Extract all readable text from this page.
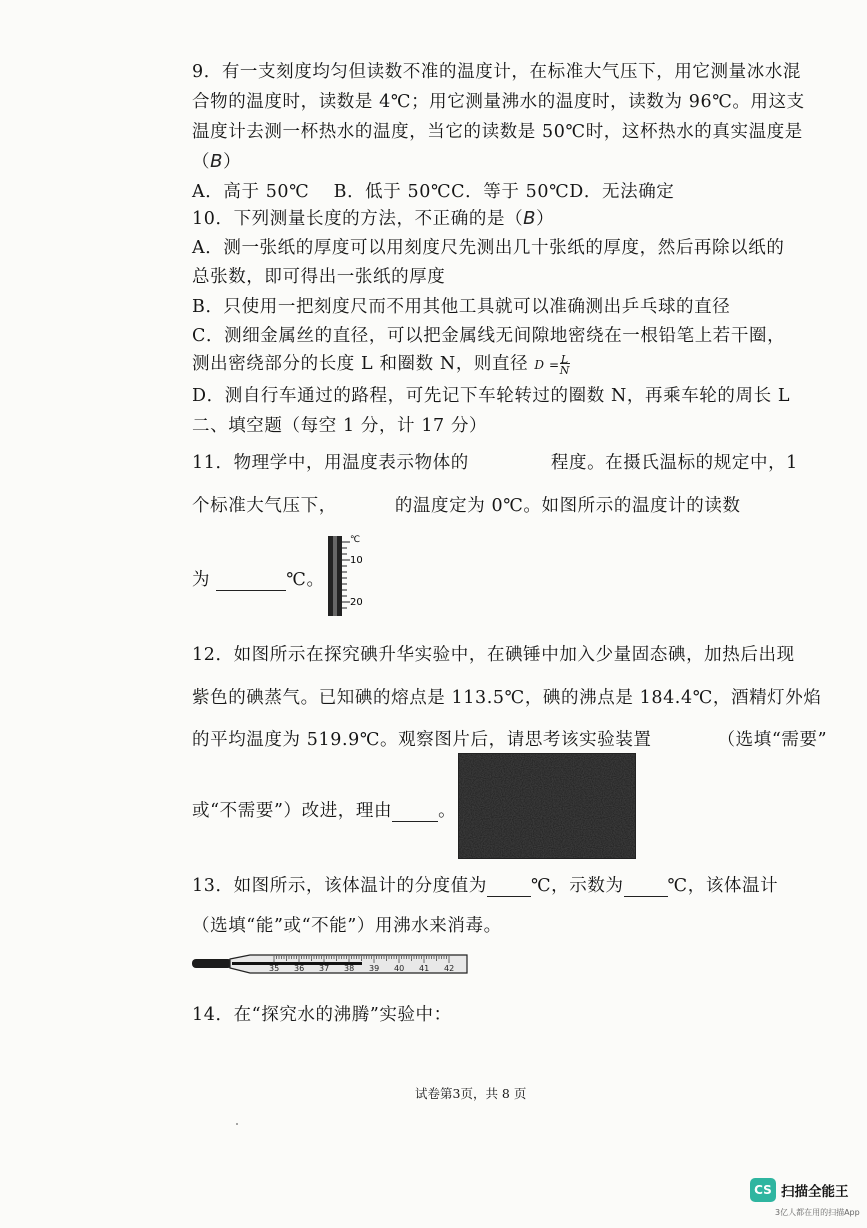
9．有一支刻度均匀但读数不准的温度计，在标准大气压下，用它测量冰水混
合物的温度时，读数是 4℃；用它测量沸水的温度时，读数为 96℃。用这支
温度计去测一杯热水的温度，当它的读数是 50℃时，这杯热水的真实温度是
（B）
A．高于 50℃　 B．低于 50℃C．等于 50℃D．无法确定
10．下列测量长度的方法，不正确的是（B）
A．测一张纸的厚度可以用刻度尺先测出几十张纸的厚度，然后再除以纸的
总张数，即可得出一张纸的厚度
B．只使用一把刻度尺而不用其他工具就可以准确测出乒乓球的直径
C．测细金属丝的直径，可以把金属线无间隙地密绕在一根铅笔上若干圈，
测出密绕部分的长度 L 和圈数 N，则直径 $D =\frac{L}{N}$
D．测自行车通过的路程，可先记下车轮转过的圈数 N，再乘车轮的周长 L
二、填空题（每空 1 分，计 17 分）
11．物理学中，用温度表示物体的	程度。在摄氏温标的规定中，1
个标准大气压下，	的温度定为 0℃。如图所示的温度计的读数
为	℃。
℃
10
20
12．如图所示在探究碘升华实验中，在碘锤中加入少量固态碘，加热后出现
紫色的碘蒸气。已知碘的熔点是 113.5℃，碘的沸点是 184.4℃，酒精灯外焰
的平均温度为 519.9℃。观察图片后，请思考该实验装置	（选填“需要”
或“不需要”）改进，理由	。
13．如图所示，该体温计的分度值为	℃，示数为	℃，该体温计
（选填“能”或“不能”）用沸水来消毒。
35 36 37 38 39 40 41 42
14．在“探究水的沸腾”实验中：
试卷第3页，共 8 页
CS 扫描全能王
3亿人都在用的扫描App
